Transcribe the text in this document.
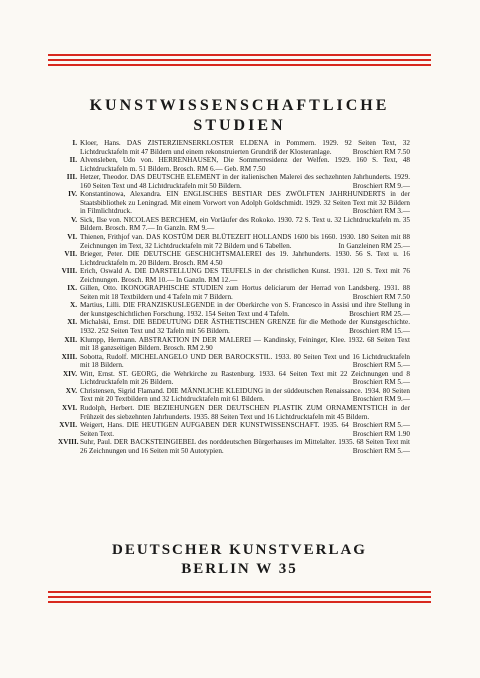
KUNSTWISSENSCHAFTLICHE
STUDIEN
I. Kloer, Hans. DAS ZISTERZIENSERKLOSTER ELDENA in Pommern. 1929. 92 Seiten Text, 32 Lichtdrucktafeln mit 47 Bildern und einem rekonstruierten Grundriß der Klosteranlage.	Broschiert RM 7.50
II. Alvensleben, Udo von. HERRENHAUSEN, Die Sommerresidenz der Welfen. 1929. 160 S. Text, 48 Lichtdrucktafeln m. 51 Bildern. Brosch. RM 6.— Geb. RM 7.50
III. Hetzer, Theodor. DAS DEUTSCHE ELEMENT in der italienischen Malerei des sechzehnten Jahrhunderts. 1929. 160 Seiten Text und 48 Lichtdrucktafeln mit 50 Bildern.	Broschiert RM 9.—
IV. Konstantinowa, Alexandra. EIN ENGLISCHES BESTIAR DES ZWÖLFTEN JAHRHUNDERTS in der Staatsbibliothek zu Leningrad. Mit einem Vorwort von Adolph Goldschmidt. 1929. 32 Seiten Text mit 32 Bildern in Filmlichtdruck.	Broschiert RM 3.—
V. Sick, Ilse von. NICOLAES BERCHEM, ein Vorläufer des Rokoko. 1930. 72 S. Text u. 32 Lichtdrucktafeln m. 35 Bildern. Brosch. RM 7.— In Ganzln. RM 9.—
VI. Thienen, Frithjof van. DAS KOSTÜM DER BLÜTEZEIT HOLLANDS 1600 bis 1660. 1930. 180 Seiten mit 88 Zeichnungen im Text, 32 Lichtdrucktafeln mit 72 Bildern und 6 Tabellen.	In Ganzleinen RM 25.—
VII. Brieger, Peter. DIE DEUTSCHE GESCHICHTSMALEREI des 19. Jahrhunderts. 1930. 56 S. Text u. 16 Lichtdrucktafeln m. 20 Bildern. Brosch. RM 4.50
VIII. Erich, Oswald A. DIE DARSTELLUNG DES TEUFELS in der christlichen Kunst. 1931. 120 S. Text mit 76 Zeichnungen. Brosch. RM 10.— In Ganzln. RM 12.—
IX. Gillen, Otto. IKONOGRAPHISCHE STUDIEN zum Hortus deliciarum der Herrad von Landsberg. 1931. 88 Seiten mit 18 Textbildern und 4 Tafeln mit 7 Bildern.	Broschiert RM 7.50
X. Martius, Lilli. DIE FRANZISKUSLEGENDE in der Oberkirche von S. Francesco in Assisi und ihre Stellung in der kunstgeschichtlichen Forschung. 1932. 154 Seiten Text und 4 Tafeln.	Broschiert RM 25.—
XI. Michalski, Ernst. DIE BEDEUTUNG DER ÄSTHETISCHEN GRENZE für die Methode der Kunstgeschichte. 1932. 252 Seiten Text und 32 Tafeln mit 56 Bildern.	Broschiert RM 15.—
XII. Klumpp, Hermann. ABSTRAKTION IN DER MALEREI — Kandinsky, Feininger, Klee. 1932. 68 Seiten Text mit 18 ganzseitigen Bildern. Brosch. RM 2.90
XIII. Sobotta, Rudolf. MICHELANGELO UND DER BAROCKSTIL. 1933. 80 Seiten Text und 16 Lichtdrucktafeln mit 18 Bildern.	Broschiert RM 5.—
XIV. Witt, Ernst. ST. GEORG, die Wehrkirche zu Rastenburg. 1933. 64 Seiten Text mit 22 Zeichnungen und 8 Lichtdrucktafeln mit 26 Bildern.	Broschiert RM 5.—
XV. Christensen, Sigrid Flamand. DIE MÄNNLICHE KLEIDUNG in der süddeutschen Renaissance. 1934. 80 Seiten Text mit 20 Textbildern und 32 Lichtdrucktafeln mit 61 Bildern.	Broschiert RM 9.—
XVI. Rudolph, Herbert. DIE BEZIEHUNGEN DER DEUTSCHEN PLASTIK ZUM ORNAMENTSTICH in der Frühzeit des siebzehnten Jahrhunderts. 1935. 88 Seiten Text und 16 Lichtdrucktafeln mit 45 Bildern.
Broschiert RM 5.—
XVII. Weigert, Hans. DIE HEUTIGEN AUFGABEN DER KUNSTWISSENSCHAFT. 1935. 64 Seiten Text.	Broschiert RM 1.90
XVIII. Suhr, Paul. DER BACKSTEINGIEBEL des norddeutschen Bürgerhauses im Mittelalter. 1935. 68 Seiten Text mit 26 Zeichnungen und 16 Seiten mit 50 Autotypien.	Broschiert RM 5.—
DEUTSCHER KUNSTVERLAG
BERLIN W 35
